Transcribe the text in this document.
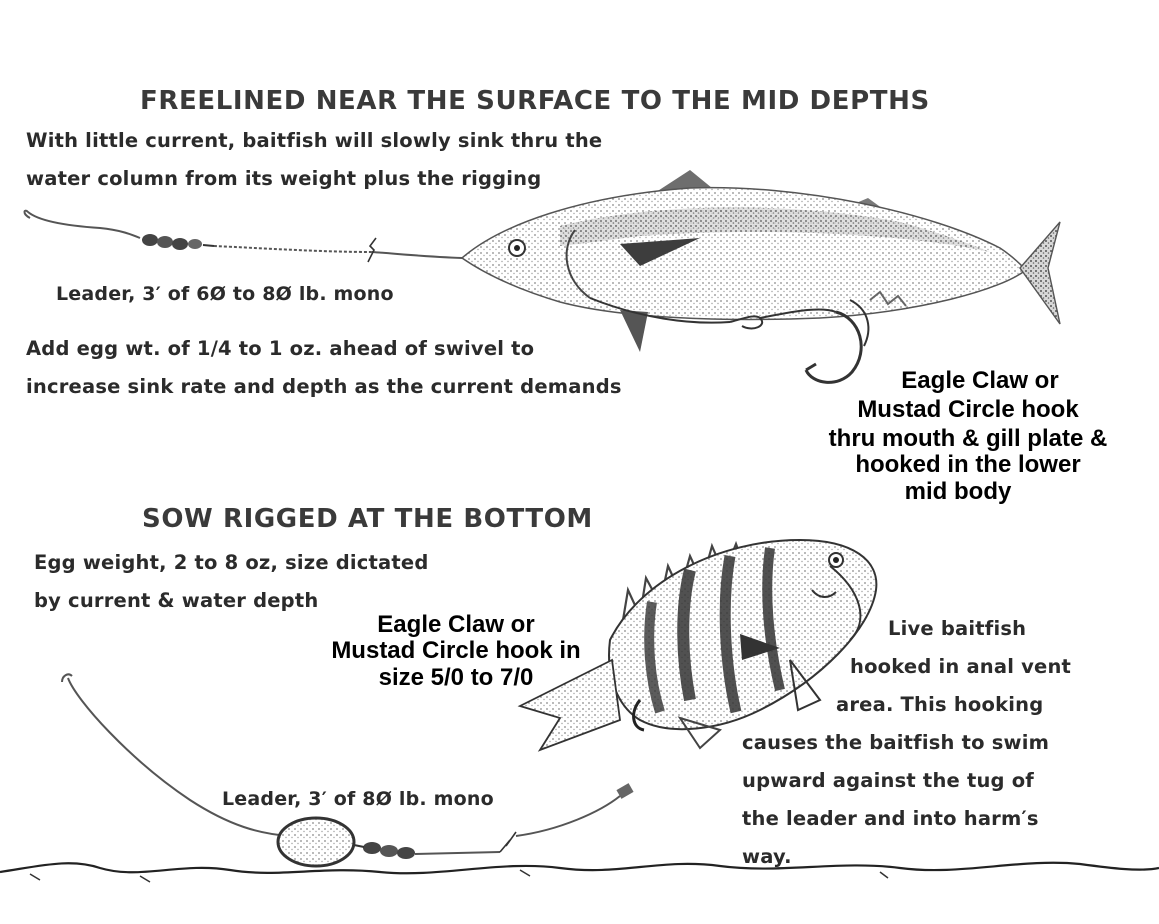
FREELINED NEAR THE SURFACE TO THE MID DEPTHS
With little current, baitfish will slowly sink thru the
water column from its weight plus the rigging
Leader, 3′ of 6Ø to 8Ø lb. mono
Add egg wt. of 1/4 to 1 oz. ahead of swivel to
increase sink rate and depth as the current demands	Eagle Claw or
Mustad Circle hook
thru mouth & gill plate &
hooked in the lower
mid body
SOW RIGGED AT THE BOTTOM
Egg weight, 2 to 8 oz, size dictated
by current & water depth
Eagle Claw or
Mustad Circle hook in
size 5/0 to 7/0
Live baitfish
hooked in anal vent
area. This hooking
causes the baitfish to swim
upward against the tug of
the leader and into harm′s
way.
Leader, 3′ of 8Ø lb. mono
